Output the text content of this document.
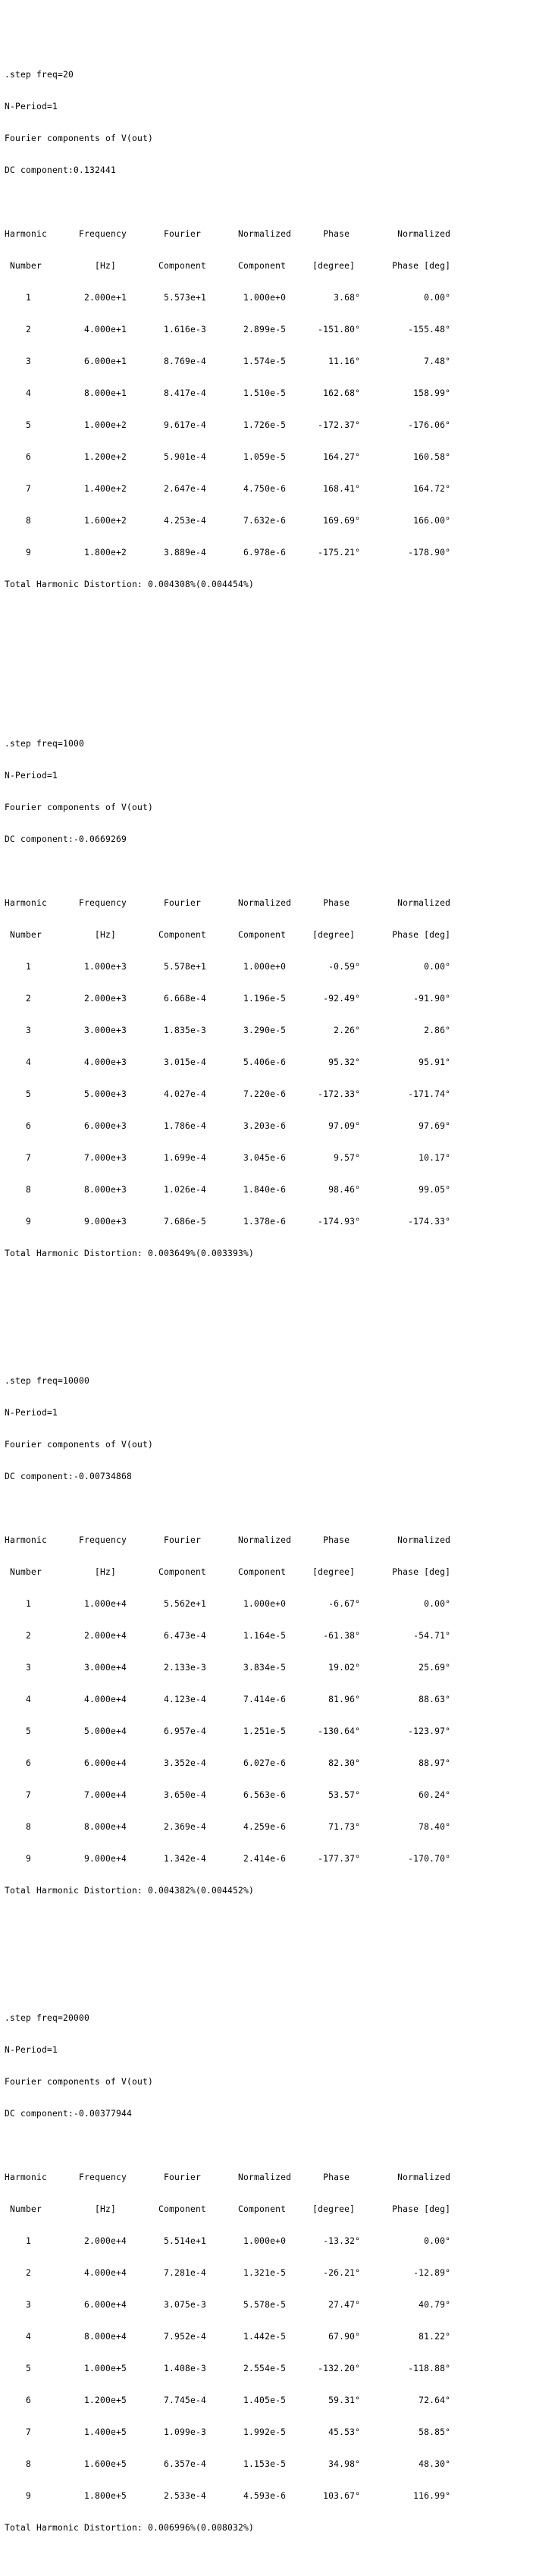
.step freq=20

N-Period=1

Fourier components of V(out)

DC component:0.132441

Harmonic      Frequency       Fourier       Normalized      Phase         Normalized

Number          [Hz]        Component      Component     [degree]       Phase [deg]

1          2.000e+1       5.573e+1       1.000e+0         3.68°            0.00°

2          4.000e+1       1.616e-3       2.899e-5      -151.80°         -155.48°

3          6.000e+1       8.769e-4       1.574e-5        11.16°            7.48°

4          8.000e+1       8.417e-4       1.510e-5       162.68°          158.99°

5          1.000e+2       9.617e-4       1.726e-5      -172.37°         -176.06°

6          1.200e+2       5.901e-4       1.059e-5       164.27°          160.58°

7          1.400e+2       2.647e-4       4.750e-6       168.41°          164.72°

8          1.600e+2       4.253e-4       7.632e-6       169.69°          166.00°

9          1.800e+2       3.889e-4       6.978e-6      -175.21°         -178.90°

Total Harmonic Distortion: 0.004308%(0.004454%)

.step freq=1000

N-Period=1

Fourier components of V(out)

DC component:-0.0669269

Harmonic      Frequency       Fourier       Normalized      Phase         Normalized

Number          [Hz]        Component      Component     [degree]       Phase [deg]

1          1.000e+3       5.578e+1       1.000e+0        -0.59°            0.00°

2          2.000e+3       6.668e-4       1.196e-5       -92.49°          -91.90°

3          3.000e+3       1.835e-3       3.290e-5         2.26°            2.86°

4          4.000e+3       3.015e-4       5.406e-6        95.32°           95.91°

5          5.000e+3       4.027e-4       7.220e-6      -172.33°         -171.74°

6          6.000e+3       1.786e-4       3.203e-6        97.09°           97.69°

7          7.000e+3       1.699e-4       3.045e-6         9.57°           10.17°

8          8.000e+3       1.026e-4       1.840e-6        98.46°           99.05°

9          9.000e+3       7.686e-5       1.378e-6      -174.93°         -174.33°

Total Harmonic Distortion: 0.003649%(0.003393%)

.step freq=10000

N-Period=1

Fourier components of V(out)

DC component:-0.00734868

Harmonic      Frequency       Fourier       Normalized      Phase         Normalized

Number          [Hz]        Component      Component     [degree]       Phase [deg]

1          1.000e+4       5.562e+1       1.000e+0        -6.67°            0.00°

2          2.000e+4       6.473e-4       1.164e-5       -61.38°          -54.71°

3          3.000e+4       2.133e-3       3.834e-5        19.02°           25.69°

4          4.000e+4       4.123e-4       7.414e-6        81.96°           88.63°

5          5.000e+4       6.957e-4       1.251e-5      -130.64°         -123.97°

6          6.000e+4       3.352e-4       6.027e-6        82.30°           88.97°

7          7.000e+4       3.650e-4       6.563e-6        53.57°           60.24°

8          8.000e+4       2.369e-4       4.259e-6        71.73°           78.40°

9          9.000e+4       1.342e-4       2.414e-6      -177.37°         -170.70°

Total Harmonic Distortion: 0.004382%(0.004452%)

.step freq=20000

N-Period=1

Fourier components of V(out)

DC component:-0.00377944

Harmonic      Frequency       Fourier       Normalized      Phase         Normalized

Number          [Hz]        Component      Component     [degree]       Phase [deg]

1          2.000e+4       5.514e+1       1.000e+0       -13.32°            0.00°

2          4.000e+4       7.281e-4       1.321e-5       -26.21°          -12.89°

3          6.000e+4       3.075e-3       5.578e-5        27.47°           40.79°

4          8.000e+4       7.952e-4       1.442e-5        67.90°           81.22°

5          1.000e+5       1.408e-3       2.554e-5      -132.20°         -118.88°

6          1.200e+5       7.745e-4       1.405e-5        59.31°           72.64°

7          1.400e+5       1.099e-3       1.992e-5        45.53°           58.85°

8          1.600e+5       6.357e-4       1.153e-5        34.98°           48.30°

9          1.800e+5       2.533e-4       4.593e-6       103.67°          116.99°

Total Harmonic Distortion: 0.006996%(0.008032%)
